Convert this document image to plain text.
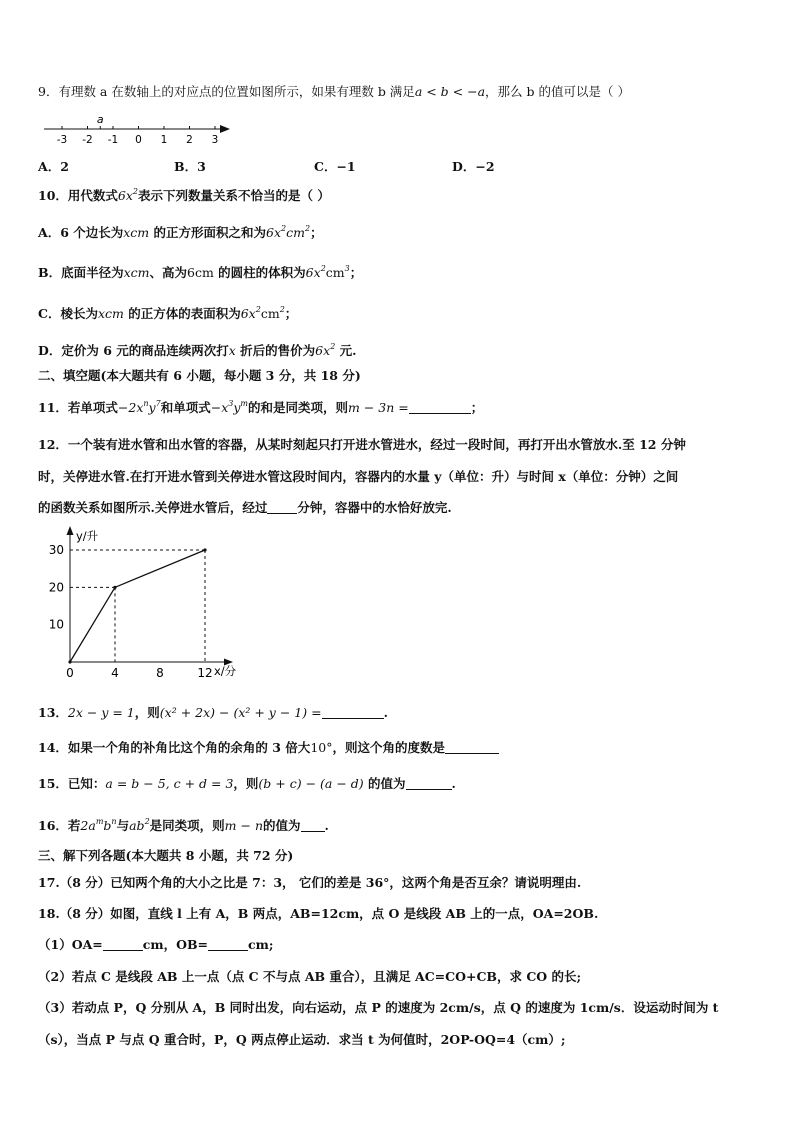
9．有理数 a 在数轴上的对应点的位置如图所示，如果有理数 b 满足a < b < −a，那么 b 的值可以是（ ）
-3 -2 -1 0 1 2 3
a
A．2	B．3	C．−1	D．−2
10．用代数式$6x^2$表示下列数量关系不恰当的是（ ）
A．6 个边长为xcm 的正方形面积之和为$6x^2cm^2$；
B．底面半径为xcm、高为6cm 的圆柱的体积为$6x^2cm^3$；
C．棱长为xcm 的正方体的表面积为$6x^2cm^2$；
D．定价为 6 元的商品连续两次打x 折后的售价为$6x^2$ 元.
二、填空题(本大题共有 6 小题，每小题 3 分，共 18 分)
11．若单项式$-2x^ny^7$和单项式$-x^3y^m$的和是同类项，则m − 3n =	；
12．一个装有进水管和出水管的容器，从某时刻起只打开进水管进水，经过一段时间，再打开出水管放水.至 12 分钟
时，关停进水管.在打开进水管到关停进水管这段时间内，容器内的水量 y（单位：升）与时间 x（单位：分钟）之间
的函数关系如图所示.关停进水管后，经过 分钟，容器中的水恰好放完.
0	4	8	12
10
20
30
y/升
x/分
13．2x − y = 1，则(x² + 2x) − (x² + y − 1) =	.
14．如果一个角的补角比这个角的余角的 3 倍大10°，则这个角的度数是
15．已知：a = b − 5, c + d = 3，则(b + c) − (a − d) 的值为	.
16．若$2a^mb^n$与$ab^2$是同类项，则m − n的值为 .
三、解下列各题(本大题共 8 小题，共 72 分)
17.（8 分）已知两个角的大小之比是 7：3， 它们的差是 36°，这两个角是否互余？请说明理由.
18.（8 分）如图，直线 l 上有 A，B 两点，AB=12cm，点 O 是线段 AB 上的一点，OA=2OB.
（1）OA=	cm，OB=	cm;
（2）若点 C 是线段 AB 上一点（点 C 不与点 AB 重合），且满足 AC=CO+CB，求 CO 的长;
（3）若动点 P，Q 分别从 A，B 同时出发，向右运动，点 P 的速度为 2cm/s，点 Q 的速度为 1cm/s．设运动时间为 t
（s），当点 P 与点 Q 重合时，P，Q 两点停止运动．求当 t 为何值时，2OP-OQ=4（cm）;
